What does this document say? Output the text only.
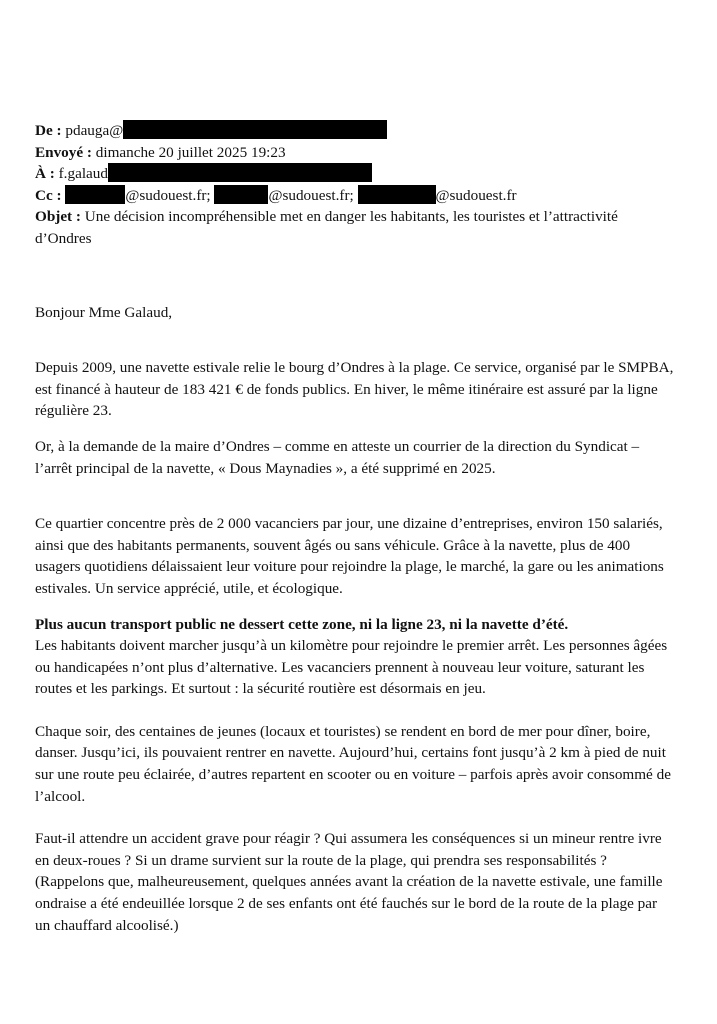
De : pdauga@
Envoyé : dimanche 20 juillet 2025 19:23
À : f.galaud
Cc :	@sudouest.fr;	@sudouest.fr;	@sudouest.fr
Objet : Une décision incompréhensible met en danger les habitants, les touristes et l’attractivité d’Ondres

Bonjour Mme Galaud,

Depuis 2009, une navette estivale relie le bourg d’Ondres à la plage. Ce service, organisé par le SMPBA, est financé à hauteur de 183 421 € de fonds publics. En hiver, le même itinéraire est assuré par la ligne régulière 23.

Or, à la demande de la maire d’Ondres – comme en atteste un courrier de la direction du Syndicat – l’arrêt principal de la navette, « Dous Maynadies », a été supprimé en 2025.

Ce quartier concentre près de 2 000 vacanciers par jour, une dizaine d’entreprises, environ 150 salariés, ainsi que des habitants permanents, souvent âgés ou sans véhicule. Grâce à la navette, plus de 400 usagers quotidiens délaissaient leur voiture pour rejoindre la plage, le marché, la gare ou les animations estivales. Un service apprécié, utile, et écologique.

Plus aucun transport public ne dessert cette zone, ni la ligne 23, ni la navette d’été.
Les habitants doivent marcher jusqu’à un kilomètre pour rejoindre le premier arrêt. Les personnes âgées ou handicapées n’ont plus d’alternative. Les vacanciers prennent à nouveau leur voiture, saturant les routes et les parkings. Et surtout : la sécurité routière est désormais en jeu.

Chaque soir, des centaines de jeunes (locaux et touristes) se rendent en bord de mer pour dîner, boire, danser. Jusqu’ici, ils pouvaient rentrer en navette. Aujourd’hui, certains font jusqu’à 2 km à pied de nuit sur une route peu éclairée, d’autres repartent en scooter ou en voiture – parfois après avoir consommé de l’alcool.

Faut-il attendre un accident grave pour réagir ? Qui assumera les conséquences si un mineur rentre ivre en deux-roues ? Si un drame survient sur la route de la plage, qui prendra ses responsabilités ?

(Rappelons que, malheureusement, quelques années avant la création de la navette estivale, une famille ondraise a été endeuillée lorsque 2 de ses enfants ont été fauchés sur le bord de la route de la plage par un chauffard alcoolisé.)
